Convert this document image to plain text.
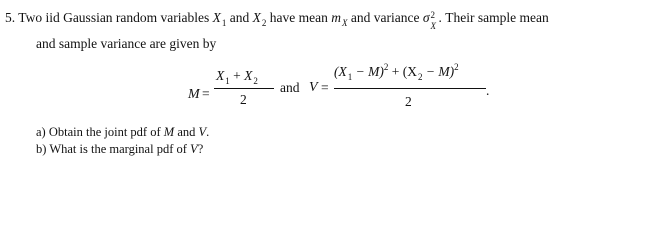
5. Two iid Gaussian random variables $X_1$ and $X_2$ have mean $m_X$ and variance σ 2
X
. Their sample mean
and sample variance are given by
M =
$X_1 + X_2$
2
and V =
$(X_1 - M)^2 + (X_2 - M)^2$
2
.
a) Obtain the joint pdf of M and V.
b) What is the marginal pdf of V?
